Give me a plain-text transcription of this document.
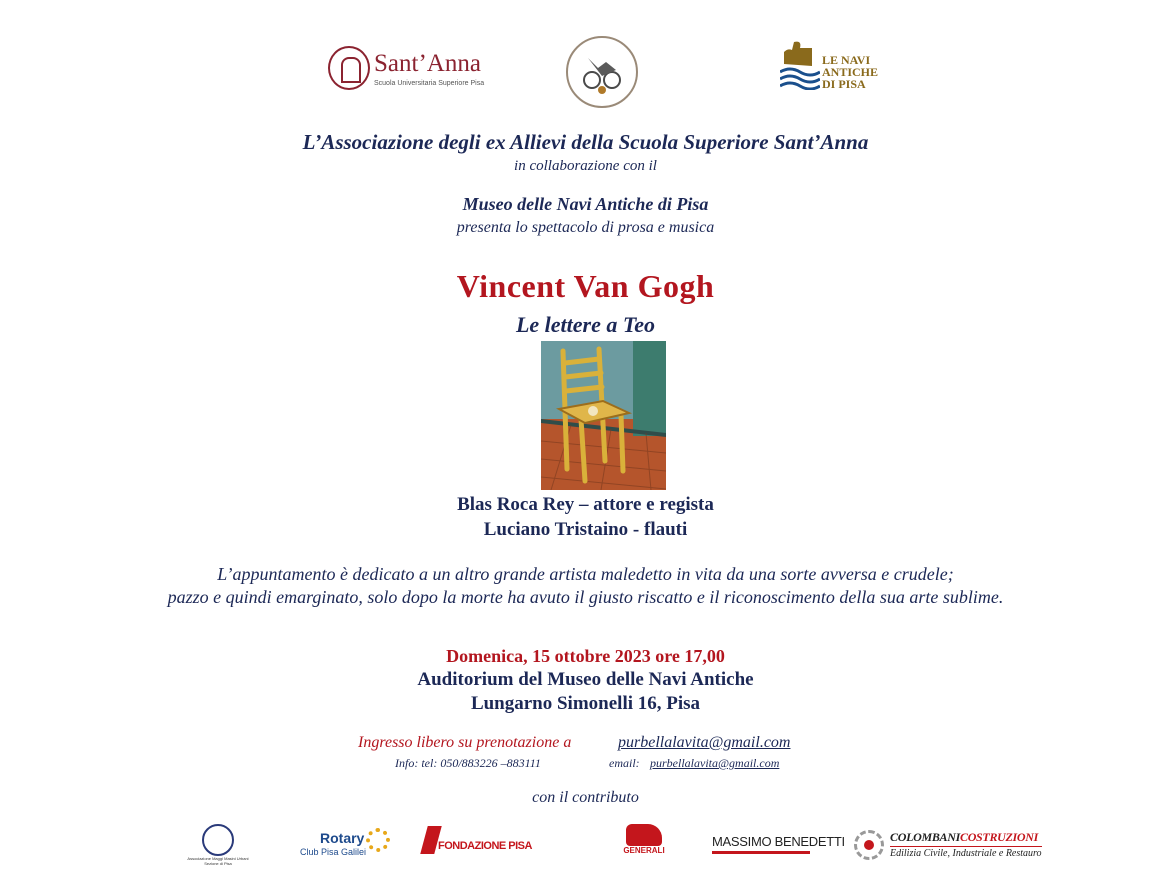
Sant’Anna
Scuola Universitaria Superiore Pisa
LE NAVI
ANTICHE
DI PISA
L’Associazione degli ex Allievi della Scuola Superiore Sant’Anna
in collaborazione con il
Museo delle Navi Antiche di Pisa
presenta lo spettacolo di prosa e musica
Vincent Van Gogh
Le lettere a Teo
Blas Roca Rey – attore e regista
Luciano Tristaino - flauti
L’appuntamento è dedicato a un altro grande artista maledetto in vita da una sorte avversa e crudele;
pazzo e quindi emarginato, solo dopo la morte ha avuto il giusto riscatto e il riconoscimento della sua arte sublime.
Domenica, 15 ottobre 2023 ore 17,00
Auditorium del Museo delle Navi Antiche
Lungarno Simonelli 16, Pisa
Ingresso libero su prenotazione a	purbellalavita@gmail.com
Info: tel: 050/883226 –883111	email: purbellalavita@gmail.com
con il contributo
Associazione Maggi Masini Urbani
Sezione di Pisa
Rotary
Club Pisa Galilei	FONDAZIONE PISA	GENERALI
MASSIMO BENEDETTI	COLOMBANICOSTRUZIONI
Edilizia Civile, Industriale e Restauro
